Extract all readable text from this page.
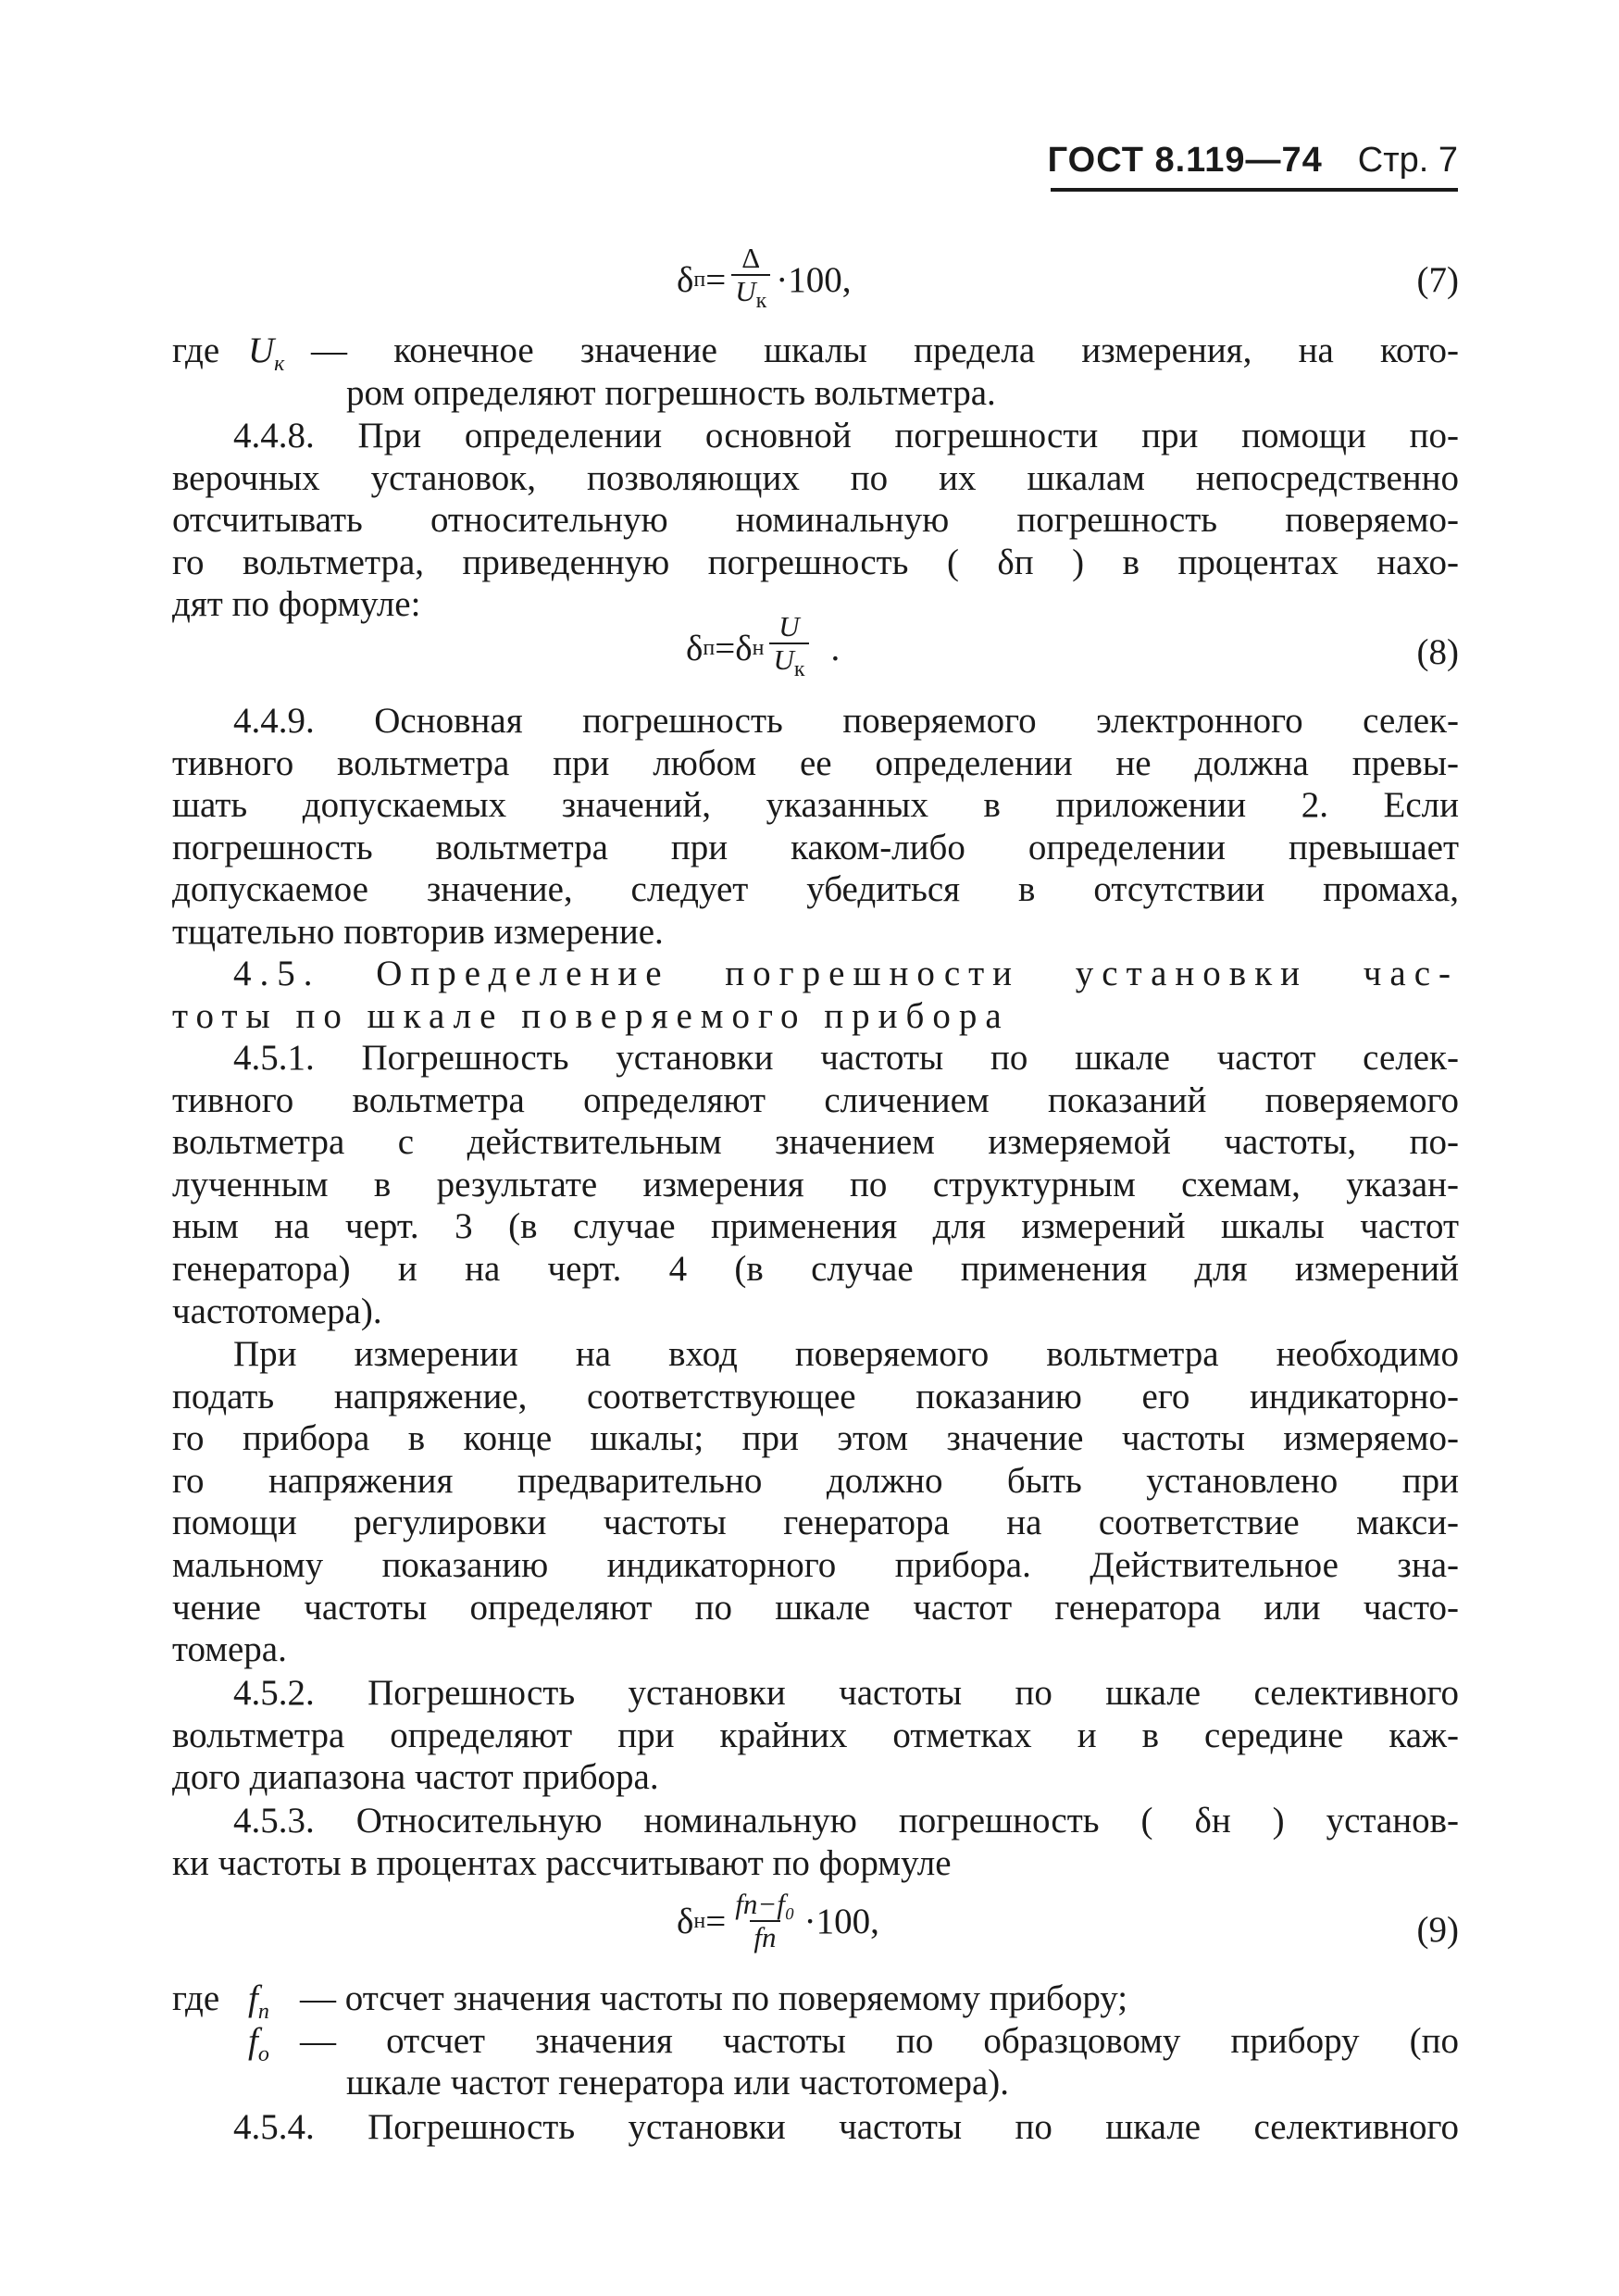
ГОСТ 8.119—74 Стр. 7
δ $п = \frac{\Delta}{U_к} \cdot 100$,	(7)
где $U_к$ — конечное значение шкалы предела измерения, на кото-
ром определяют погрешность вольтметра.
4.4.8. При определении основной погрешности при помощи по-
верочных установок, позволяющих по их шкалам непосредственно
отсчитывать относительную номинальную погрешность поверяемо-
го вольтметра, приведенную погрешность ( δп ) в процентах нахо-
дят по формуле:
δ п = δ н $\frac{U}{U_к}$ .	(8)
4.4.9. Основная погрешность поверяемого электронного селек-
тивного вольтметра при любом ее определении не должна превы-
шать допускаемых значений, указанных в приложении 2. Если
погрешность вольтметра при каком-либо определении превышает
допускаемое значение, следует убедиться в отсутствии промаха,
тщательно повторив измерение.
4.5. Определение погрешности установки час-
тоты по шкале поверяемого прибора
4.5.1. Погрешность установки частоты по шкале частот селек-
тивного вольтметра определяют сличением показаний поверяемого
вольтметра с действительным значением измеряемой частоты, по-
лученным в результате измерения по структурным схемам, указан-
ным на черт. 3 (в случае применения для измерений шкалы частот
генератора) и на черт. 4 (в случае применения для измерений
частотомера).
При измерении на вход поверяемого вольтметра необходимо
подать напряжение, соответствующее показанию его индикаторно-
го прибора в конце шкалы; при этом значение частоты измеряемо-
го напряжения предварительно должно быть установлено при
помощи регулировки частоты генератора на соответствие макси-
мальному показанию индикаторного прибора. Действительное зна-
чение частоты определяют по шкале частот генератора или часто-
томера.
4.5.2. Погрешность установки частоты по шкале селективного
вольтметра определяют при крайних отметках и в середине каж-
дого диапазона частот прибора.
4.5.3. Относительную номинальную погрешность ( δн ) установ-
ки частоты в процентах рассчитывают по формуле
δ $н = \frac{\text{fп−f₀}}{fп} \cdot 100$,	(9)
где $f_п$ — отсчет значения частоты по поверяемому прибору;
$f_о$ — отсчет значения частоты по образцовому прибору (по
шкале частот генератора или частотомера).
4.5.4. Погрешность установки частоты по шкале селективного
